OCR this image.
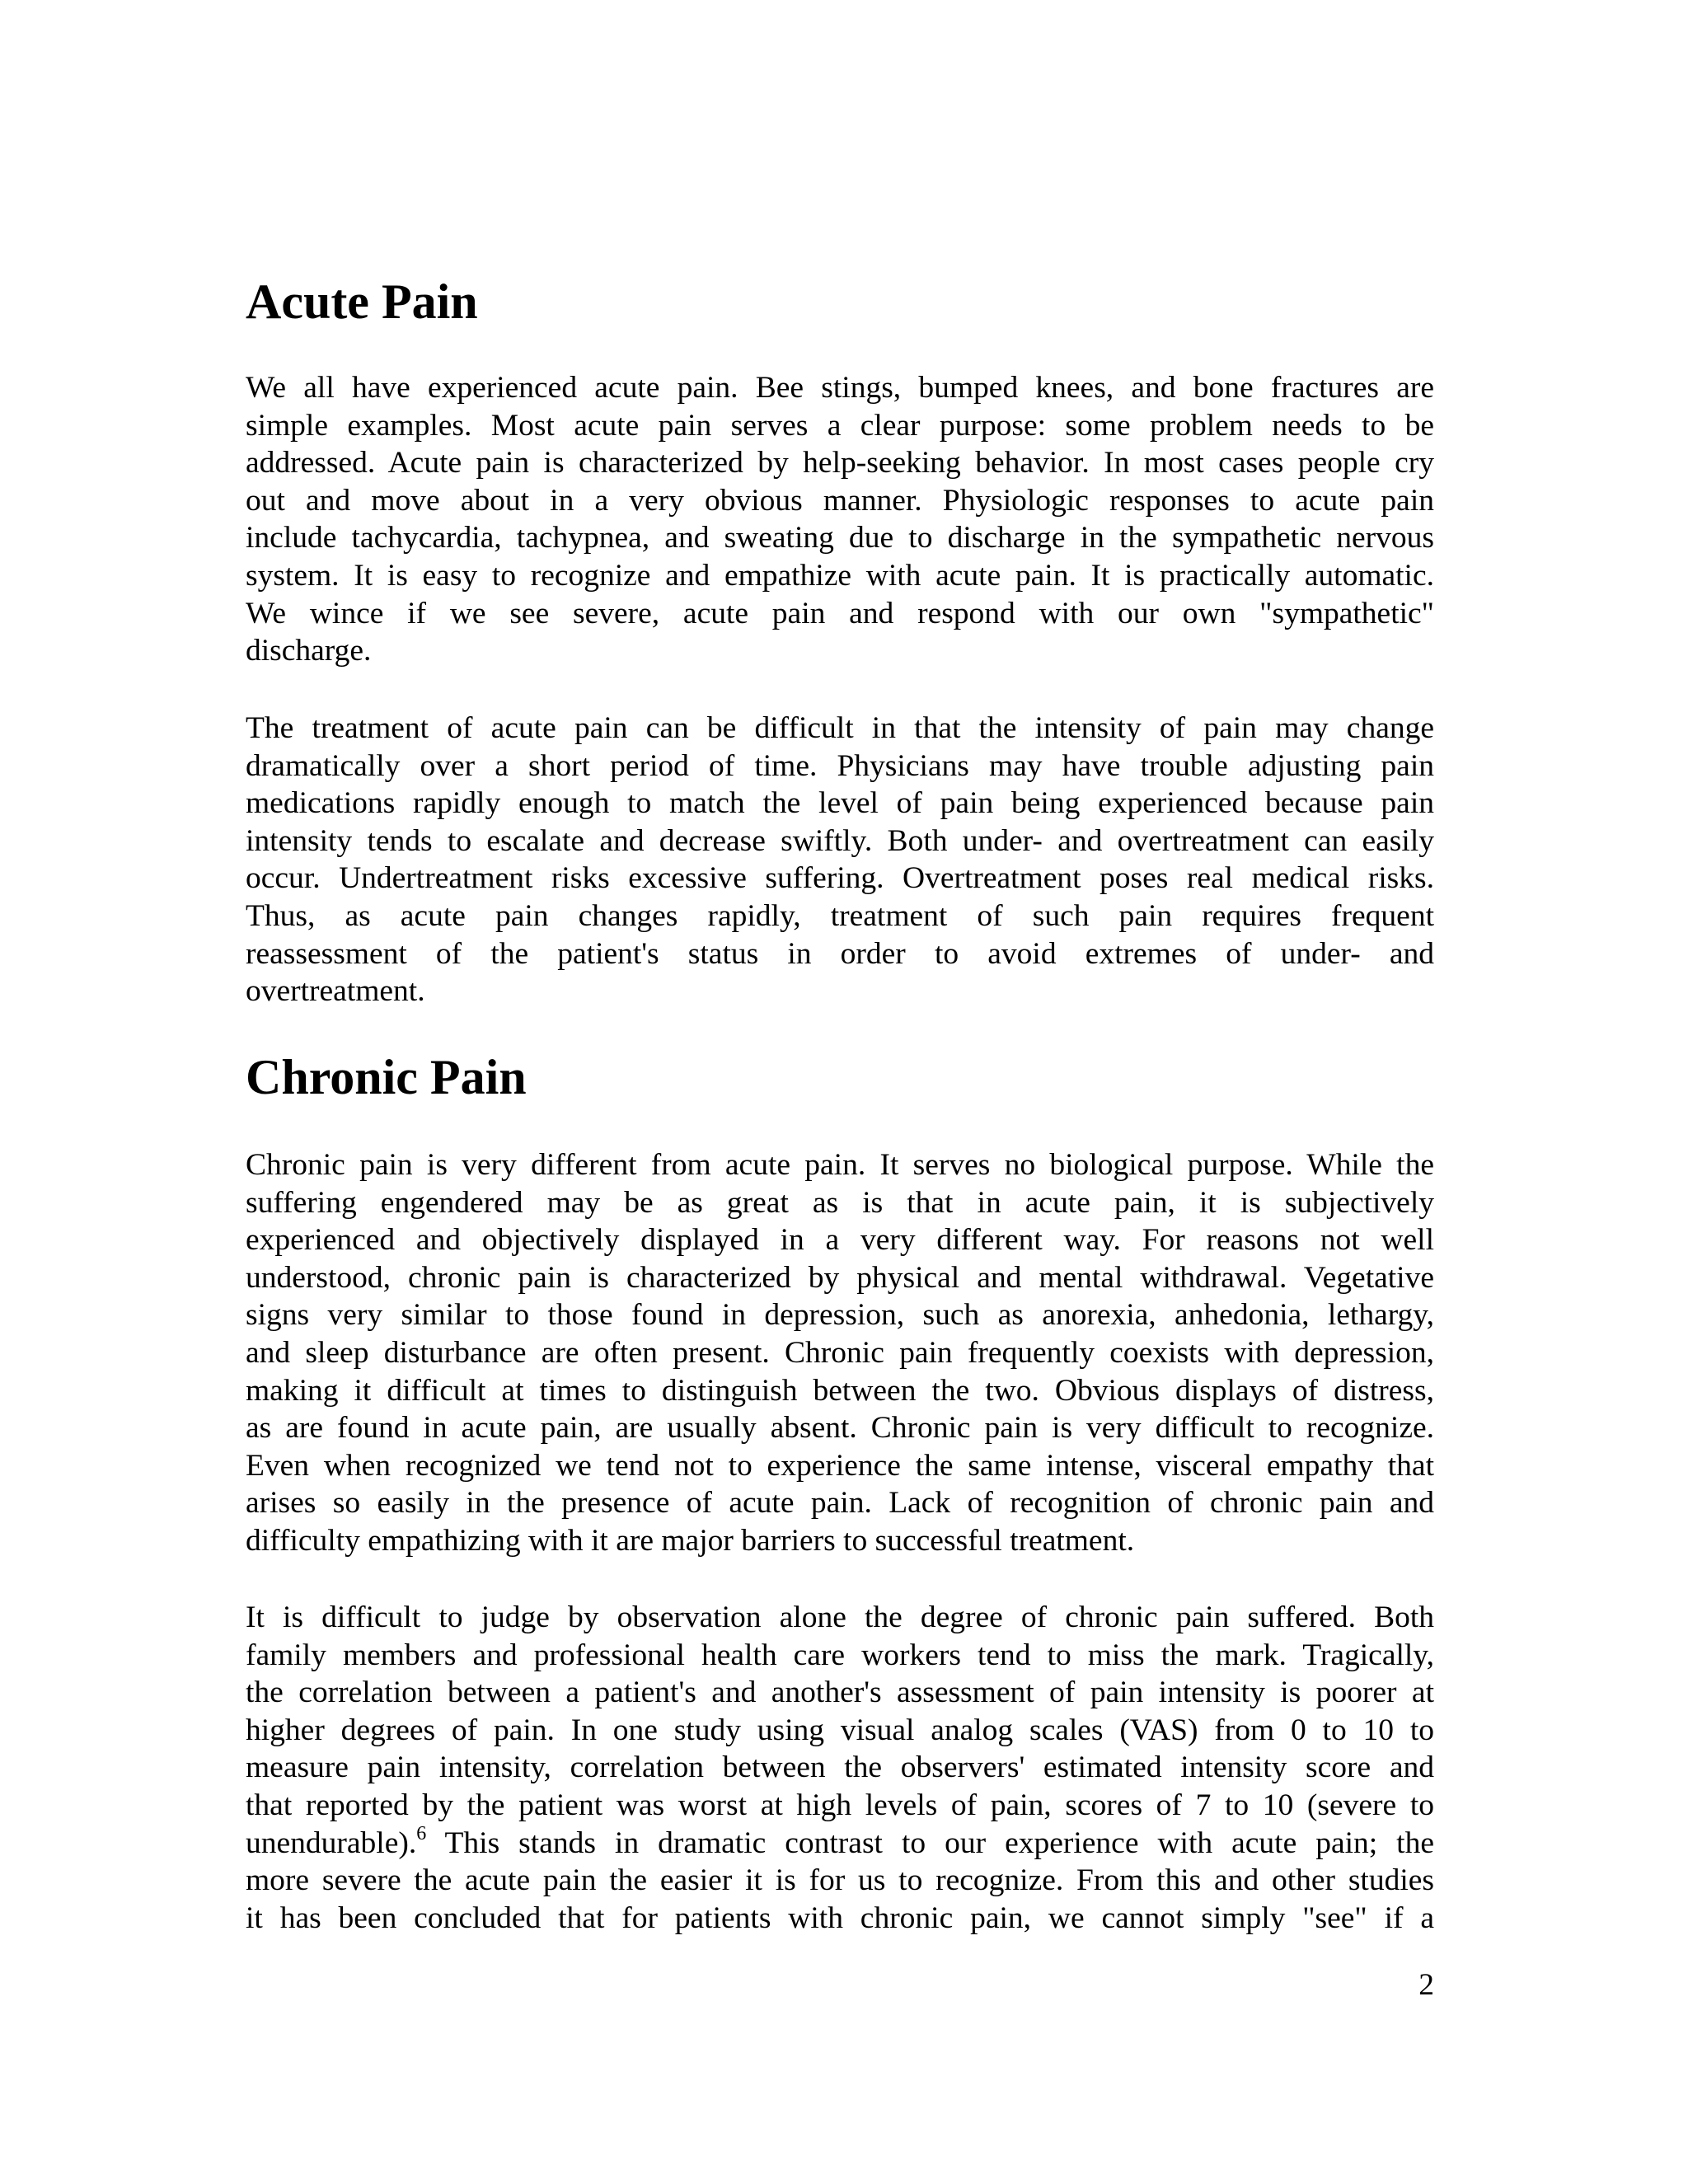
Acute Pain
We all have experienced acute pain. Bee stings, bumped knees, and bone fractures are
simple examples. Most acute pain serves a clear purpose: some problem needs to be
addressed. Acute pain is characterized by help-seeking behavior. In most cases people cry
out and move about in a very obvious manner. Physiologic responses to acute pain
include tachycardia, tachypnea, and sweating due to discharge in the sympathetic nervous
system. It is easy to recognize and empathize with acute pain. It is practically automatic.
We wince if we see severe, acute pain and respond with our own "sympathetic"
discharge.
The treatment of acute pain can be difficult in that the intensity of pain may change
dramatically over a short period of time. Physicians may have trouble adjusting pain
medications rapidly enough to match the level of pain being experienced because pain
intensity tends to escalate and decrease swiftly. Both under- and overtreatment can easily
occur. Undertreatment risks excessive suffering. Overtreatment poses real medical risks.
Thus, as acute pain changes rapidly, treatment of such pain requires frequent
reassessment of the patient's status in order to avoid extremes of under- and
overtreatment.
Chronic Pain
Chronic pain is very different from acute pain. It serves no biological purpose. While the
suffering engendered may be as great as is that in acute pain, it is subjectively
experienced and objectively displayed in a very different way. For reasons not well
understood, chronic pain is characterized by physical and mental withdrawal. Vegetative
signs very similar to those found in depression, such as anorexia, anhedonia, lethargy,
and sleep disturbance are often present. Chronic pain frequently coexists with depression,
making it difficult at times to distinguish between the two. Obvious displays of distress,
as are found in acute pain, are usually absent. Chronic pain is very difficult to recognize.
Even when recognized we tend not to experience the same intense, visceral empathy that
arises so easily in the presence of acute pain. Lack of recognition of chronic pain and
difficulty empathizing with it are major barriers to successful treatment.
It is difficult to judge by observation alone the degree of chronic pain suffered. Both
family members and professional health care workers tend to miss the mark. Tragically,
the correlation between a patient's and another's assessment of pain intensity is poorer at
higher degrees of pain. In one study using visual analog scales (VAS) from 0 to 10 to
measure pain intensity, correlation between the observers' estimated intensity score and
that reported by the patient was worst at high levels of pain, scores of 7 to 10 (severe to
unendurable).$^6$ This stands in dramatic contrast to our experience with acute pain; the
more severe the acute pain the easier it is for us to recognize. From this and other studies
it has been concluded that for patients with chronic pain, we cannot simply "see" if a
2
